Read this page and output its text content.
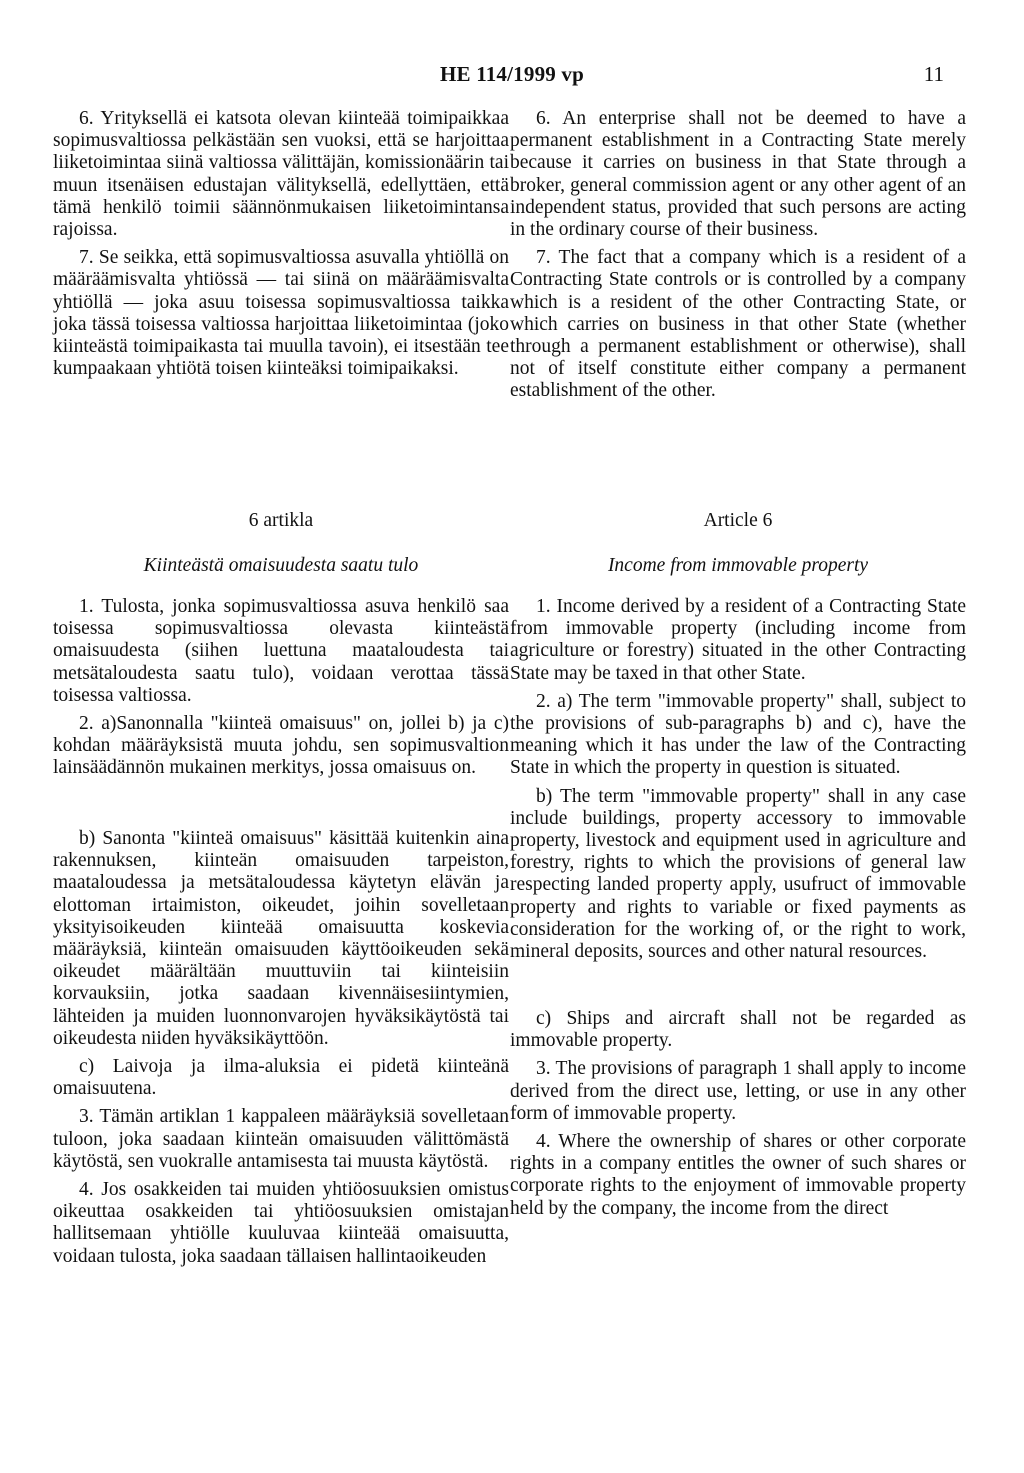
HE 114/1999 vp	11

6. Yrityksellä ei katsota olevan kiinteää toimipaikkaa sopimusvaltiossa pelkästään sen vuoksi, että se harjoittaa liiketoimintaa siinä valtiossa välittäjän, komissionäärin tai muun itsenäisen edustajan välityksellä, edellyttäen, että tämä henkilö toimii säännönmukaisen liiketoimintansa rajoissa.

7. Se seikka, että sopimusvaltiossa asuvalla yhtiöllä on määräämisvalta yhtiössä — tai siinä on määräämisvalta yhtiöllä — joka asuu toisessa sopimusvaltiossa taikka joka tässä toisessa valtiossa harjoittaa liiketoimintaa (joko kiinteästä toimipaikasta tai muulla tavoin), ei itsestään tee kumpaakaan yhtiötä toisen kiinteäksi toimipaikaksi.

6 artikla
Kiinteästä omaisuudesta saatu tulo

1. Tulosta, jonka sopimusvaltiossa asuva henkilö saa toisessa sopimusvaltiossa olevasta kiinteästä omaisuudesta (siihen luettuna maataloudesta tai metsätaloudesta saatu tulo), voidaan verottaa tässä toisessa valtiossa.

2. a)Sanonnalla "kiinteä omaisuus" on, jollei b) ja c) kohdan määräyksistä muuta johdu, sen sopimusvaltion lainsäädännön mukainen merkitys, jossa omaisuus on.

b) Sanonta "kiinteä omaisuus" käsittää kuitenkin aina rakennuksen, kiinteän omaisuuden tarpeiston, maataloudessa ja metsätaloudessa käytetyn elävän ja elottoman irtaimiston, oikeudet, joihin sovelletaan yksityisoikeuden kiinteää omaisuutta koskevia määräyksiä, kiinteän omaisuuden käyttöoikeuden sekä oikeudet määrältään muuttuviin tai kiinteisiin korvauksiin, jotka saadaan kivennäisesiintymien, lähteiden ja muiden luonnonvarojen hyväksikäytöstä tai oikeudesta niiden hyväksikäyttöön.

c) Laivoja ja ilma-aluksia ei pidetä kiinteänä omaisuutena.

3. Tämän artiklan 1 kappaleen määräyksiä sovelletaan tuloon, joka saadaan kiinteän omaisuuden välittömästä käytöstä, sen vuokralle antamisesta tai muusta käytöstä.

4. Jos osakkeiden tai muiden yhtiöosuuksien omistus oikeuttaa osakkeiden tai yhtiöosuuksien omistajan hallitsemaan yhtiölle kuuluvaa kiinteää omaisuutta, voidaan tulosta, joka saadaan tällaisen hallintaoikeuden

6. An enterprise shall not be deemed to have a permanent establishment in a Contracting State merely because it carries on business in that State through a broker, general commission agent or any other agent of an independent status, provided that such persons are acting in the ordinary course of their business.

7. The fact that a company which is a resident of a Contracting State controls or is controlled by a company which is a resident of the other Contracting State, or which carries on business in that other State (whether through a permanent establishment or otherwise), shall not of itself constitute either company a permanent establishment of the other.

Article 6
Income from immovable property

1. Income derived by a resident of a Contracting State from immovable property (including income from agriculture or forestry) situated in the other Contracting State may be taxed in that other State.

2. a) The term "immovable property" shall, subject to the provisions of sub-paragraphs b) and c), have the meaning which it has under the law of the Contracting State in which the property in question is situated.

b) The term "immovable property" shall in any case include buildings, property accessory to immovable property, livestock and equipment used in agriculture and forestry, rights to which the provisions of general law respecting landed property apply, usufruct of immovable property and rights to variable or fixed payments as consideration for the working of, or the right to work, mineral deposits, sources and other natural resources.

c) Ships and aircraft shall not be regarded as immovable property.

3. The provisions of paragraph 1 shall apply to income derived from the direct use, letting, or use in any other form of immovable property.

4. Where the ownership of shares or other corporate rights in a company entitles the owner of such shares or corporate rights to the enjoyment of immovable property held by the company, the income from the direct
